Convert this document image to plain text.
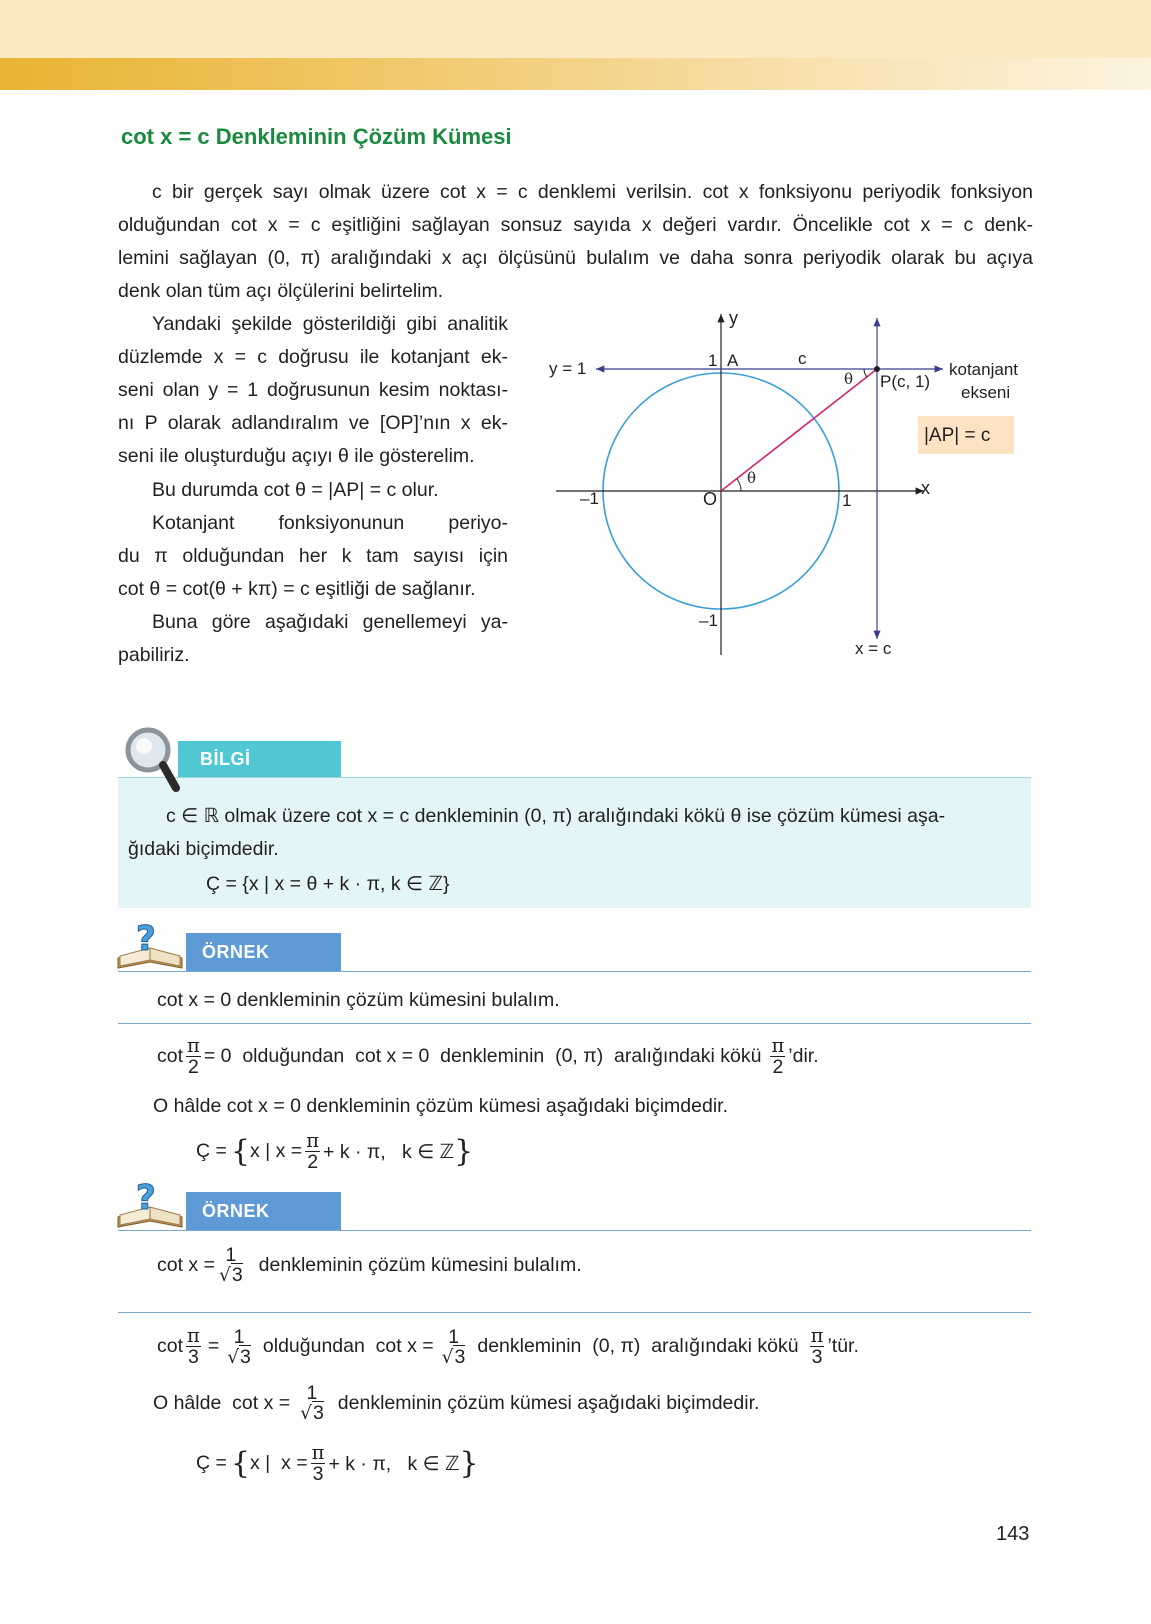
cot x = c Denkleminin Çözüm Kümesi
c bir gerçek sayı olmak üzere cot x = c denklemi verilsin. cot x fonksiyonu periyodik fonksiyon
olduğundan cot x = c eşitliğini sağlayan sonsuz sayıda x değeri vardır. Öncelikle cot x = c denk-
lemini sağlayan (0, π) aralığındaki x açı ölçüsünü bulalım ve daha sonra periyodik olarak bu açıya
denk olan tüm açı ölçülerini belirtelim.
Yandaki şekilde gösterildiği gibi analitik
düzlemde x = c doğrusu ile kotanjant ek-
seni olan y = 1 doğrusunun kesim noktası-
nı P olarak adlandıralım ve [OP]’nın x ek-
seni ile oluşturduğu açıyı θ ile gösterelim.
Bu durumda cot θ = |AP| = c olur.
Kotanjant fonksiyonunun periyo-
du π olduğundan her k tam sayısı için
cot θ = cot(θ + kπ) = c eşitliği de sağlanır.
Buna göre aşağıdaki genellemeyi ya-
pabiliriz.
y
x
y = 1	1 A	c
θ P(c, 1)
kotanjant
ekseni
|AP| = c
θ
–1	O	1
–1
x = c
BİLGİ
c ∈ ℝ olmak üzere cot x = c denkleminin (0, π) aralığındaki kökü θ ise çözüm kümesi aşa-
ğıdaki biçimdedir.
Ç = {x | x = θ + k · π, k ∈ ℤ}
?	ÖRNEK
cot x = 0 denkleminin çözüm kümesini bulalım.
$\cot \frac{\pi}{2} = 0$  olduğundan  cot x = 0  denkleminin  (0, π)  aralığındaki kökü $\frac{\pi}{2}$ ’dir.
O hâlde cot x = 0 denkleminin çözüm kümesi aşağıdaki biçimdedir.
Ç = { x | $x = \frac{\pi}{2} + k \cdot \pi$,   k ∈ ℤ }
?	ÖRNEK
cot x = 1
√3 denkleminin çözüm kümesini bulalım.
$\cot \frac{\pi}{3} = 1$
√3 olduğundan  cot x = 1
√3 denkleminin  (0, π)  aralığındaki kökü $\frac{\pi}{3}$ ’tür.
O hâlde  cot x = 1
√3 denkleminin çözüm kümesi aşağıdaki biçimdedir.
Ç = { x |  $x = \frac{\pi}{3} + k \cdot \pi$,   k ∈ ℤ }
143
